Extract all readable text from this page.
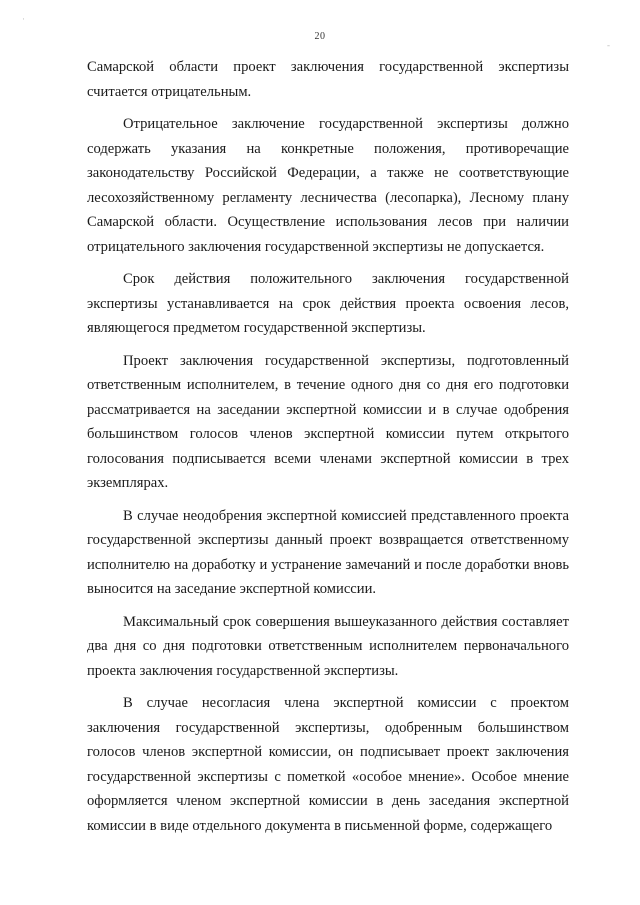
·
-
20

Самарской области проект заключения государственной экспертизы считается отрицательным.

Отрицательное заключение государственной экспертизы должно содержать указания на конкретные положения, противоречащие законодательству Российской Федерации, а также не соответствующие лесохозяйственному регламенту лесничества (лесопарка), Лесному плану Самарской области. Осуществление использования лесов при наличии отрицательного заключения государственной экспертизы не допускается.

Срок действия положительного заключения государственной экспертизы устанавливается на срок действия проекта освоения лесов, являющегося предметом государственной экспертизы.

Проект заключения государственной экспертизы, подготовленный ответственным исполнителем, в течение одного дня со дня его подготовки рассматривается на заседании экспертной комиссии и в случае одобрения большинством голосов членов экспертной комиссии путем открытого голосования подписывается всеми членами экспертной комиссии в трех экземплярах.

В случае неодобрения экспертной комиссией представленного проекта государственной экспертизы данный проект возвращается ответственному исполнителю на доработку и устранение замечаний и после доработки вновь выносится на заседание экспертной комиссии.

Максимальный срок совершения вышеуказанного действия составляет два дня со дня подготовки ответственным исполнителем первоначального проекта заключения государственной экспертизы.

В случае несогласия члена экспертной комиссии с проектом заключения государственной экспертизы, одобренным большинством голосов членов экспертной комиссии, он подписывает проект заключения государственной экспертизы с пометкой «особое мнение». Особое мнение оформляется членом экспертной комиссии в день заседания экспертной комиссии в виде отдельного документа в письменной форме, содержащего
